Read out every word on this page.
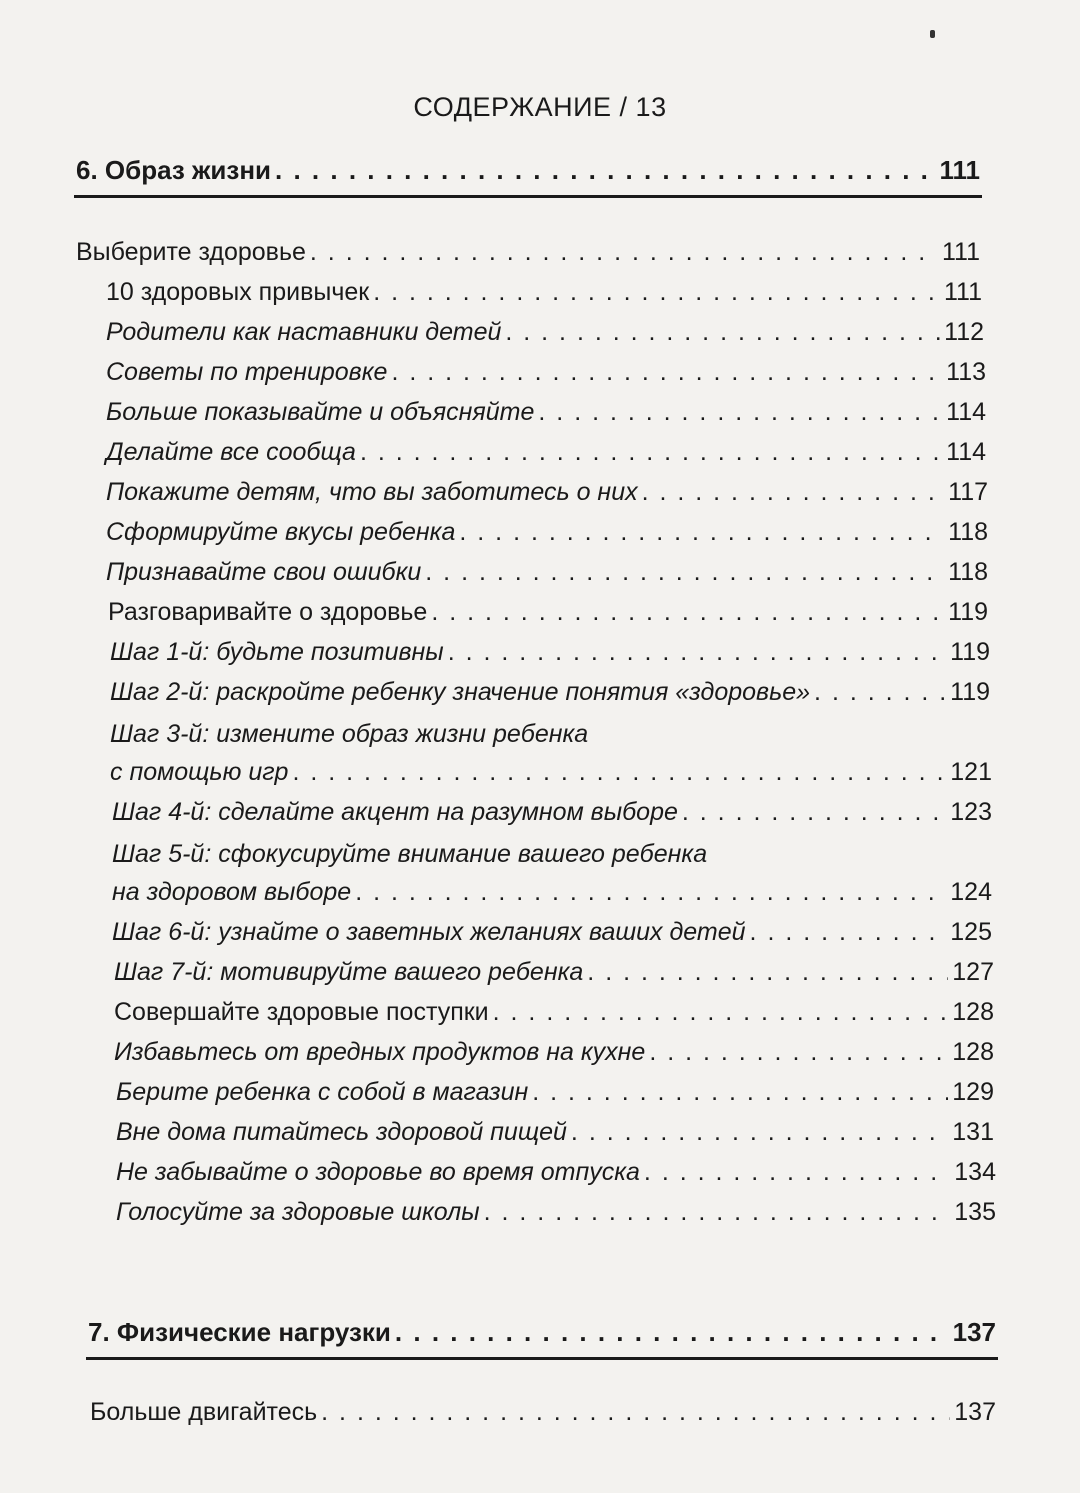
СОДЕРЖАНИЕ / 13
6. Образ жизни . . .	111
Выберите здоровье . . .	111
10 здоровых привычек . . .	111
Родители как наставники детей . . .	112
Советы по тренировке . . .	113
Больше показывайте и объясняйте . . .	114
Делайте все сообща . . .	114
Покажите детям, что вы заботитесь о них . . .	117
Сформируйте вкусы ребенка . . .	118
Признавайте свои ошибки . . .	118
Разговаривайте о здоровье . . .	119
Шаг 1-й: будьте позитивны . . .	119
Шаг 2-й: раскройте ребенку значение понятия «здоровье» . . .	119
Шаг 3-й: измените образ жизни ребенка
с помощью игр . . .	121
Шаг 4-й: сделайте акцент на разумном выборе . . .	123
Шаг 5-й: сфокусируйте внимание вашего ребенка
на здоровом выборе . . .	124
Шаг 6-й: узнайте о заветных желаниях ваших детей . . .	125
Шаг 7-й: мотивируйте вашего ребенка . . .	127
Совершайте здоровые поступки . . .	128
Избавьтесь от вредных продуктов на кухне . . .	128
Берите ребенка с собой в магазин . . .	129
Вне дома питайтесь здоровой пищей . . .	131
Не забывайте о здоровье во время отпуска . . .	134
Голосуйте за здоровые школы . . .	135
7. Физические нагрузки . . .	137
Больше двигайтесь . . .	137
